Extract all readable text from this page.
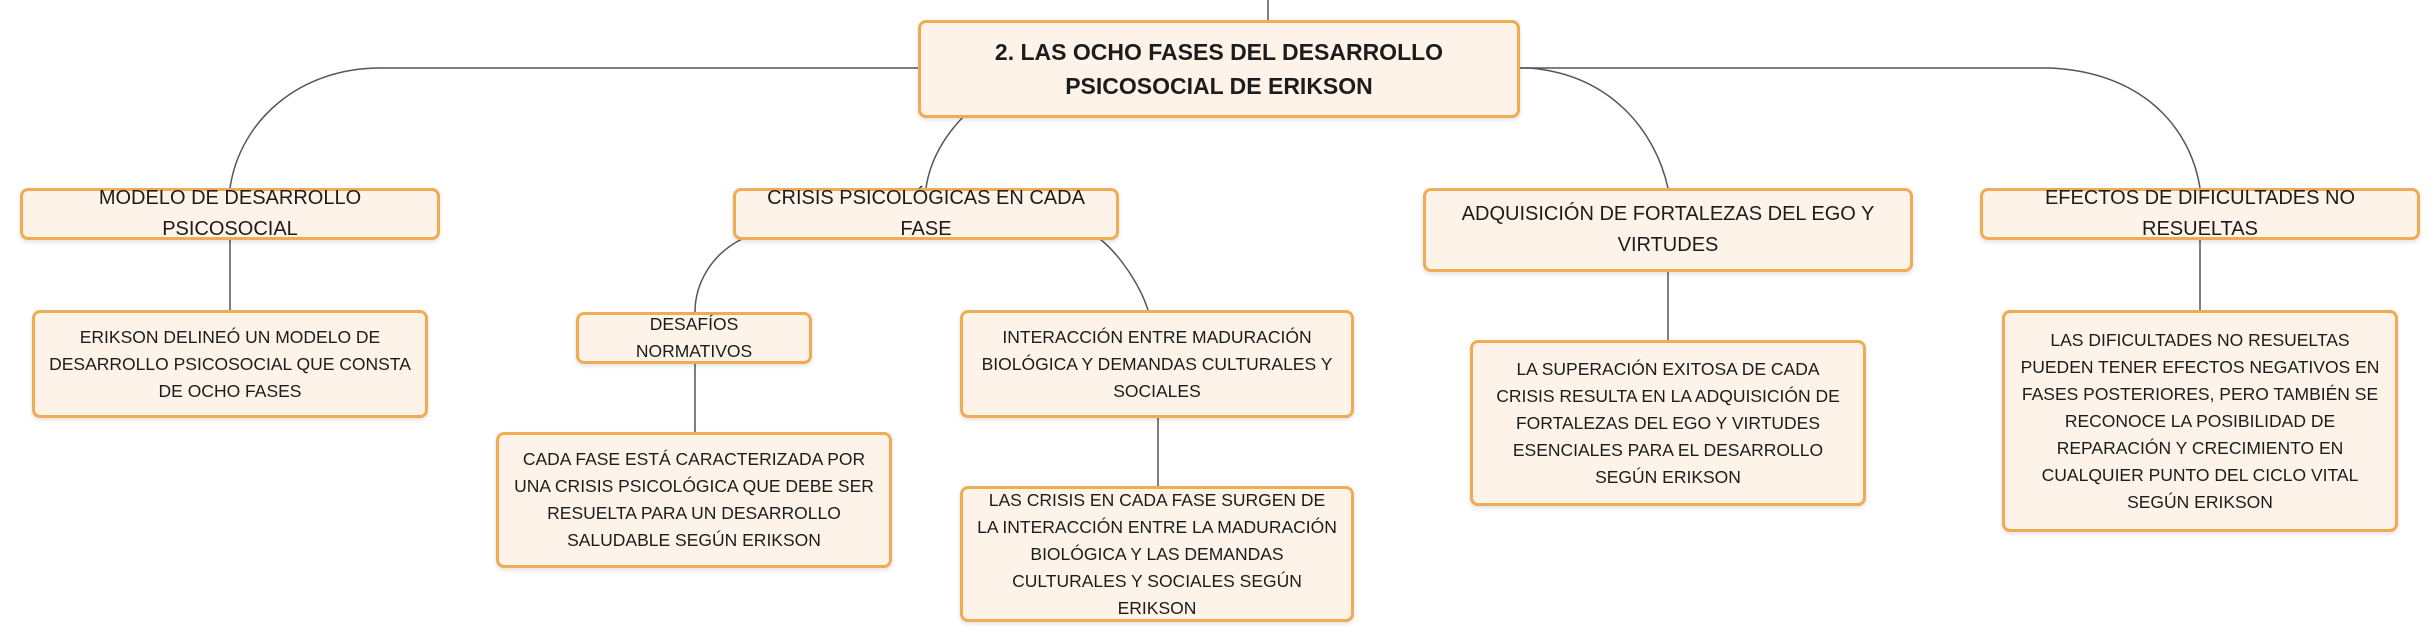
2. LAS OCHO FASES DEL DESARROLLO PSICOSOCIAL DE ERIKSON
MODELO DE DESARROLLO PSICOSOCIAL
ERIKSON DELINEÓ UN MODELO DE DESARROLLO PSICOSOCIAL QUE CONSTA DE OCHO FASES
CRISIS PSICOLÓGICAS EN CADA FASE
DESAFÍOS NORMATIVOS
CADA FASE ESTÁ CARACTERIZADA POR UNA CRISIS PSICOLÓGICA QUE DEBE SER RESUELTA PARA UN DESARROLLO SALUDABLE SEGÚN ERIKSON
INTERACCIÓN ENTRE MADURACIÓN BIOLÓGICA Y DEMANDAS CULTURALES Y SOCIALES
LAS CRISIS EN CADA FASE SURGEN DE LA INTERACCIÓN ENTRE LA MADURACIÓN BIOLÓGICA Y LAS DEMANDAS CULTURALES Y SOCIALES SEGÚN ERIKSON
ADQUISICIÓN DE FORTALEZAS DEL EGO Y VIRTUDES
LA SUPERACIÓN EXITOSA DE CADA CRISIS RESULTA EN LA ADQUISICIÓN DE FORTALEZAS DEL EGO Y VIRTUDES ESENCIALES PARA EL DESARROLLO SEGÚN ERIKSON
EFECTOS DE DIFICULTADES NO RESUELTAS
LAS DIFICULTADES NO RESUELTAS PUEDEN TENER EFECTOS NEGATIVOS EN FASES POSTERIORES, PERO TAMBIÉN SE RECONOCE LA POSIBILIDAD DE REPARACIÓN Y CRECIMIENTO EN CUALQUIER PUNTO DEL CICLO VITAL SEGÚN ERIKSON
